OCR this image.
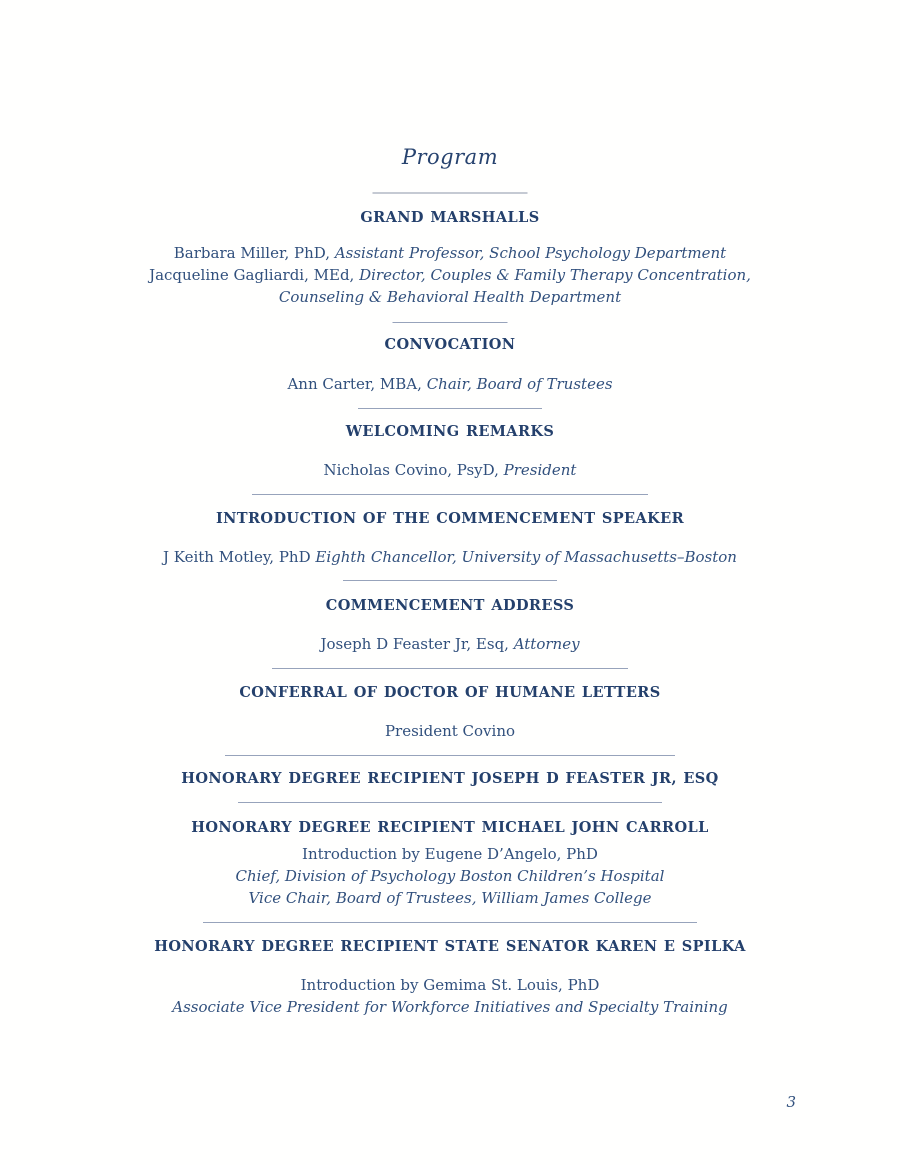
Program
GRAND MARSHALLS
Barbara Miller, PhD, Assistant Professor, School Psychology Department
Jacqueline Gagliardi, MEd, Director, Couples & Family Therapy Concentration,
Counseling & Behavioral Health Department
CONVOCATION
Ann Carter, MBA, Chair, Board of Trustees
WELCOMING REMARKS
Nicholas Covino, PsyD, President
INTRODUCTION OF THE COMMENCEMENT SPEAKER
J Keith Motley, PhD Eighth Chancellor, University of Massachusetts–Boston
COMMENCEMENT ADDRESS
Joseph D Feaster Jr, Esq, Attorney
CONFERRAL OF DOCTOR OF HUMANE LETTERS
President Covino
HONORARY DEGREE RECIPIENT JOSEPH D FEASTER JR, ESQ
HONORARY DEGREE RECIPIENT MICHAEL JOHN CARROLL
Introduction by Eugene D’Angelo, PhD
Chief, Division of Psychology Boston Children’s Hospital
Vice Chair, Board of Trustees, William James College
HONORARY DEGREE RECIPIENT STATE SENATOR KAREN E SPILKA
Introduction by Gemima St. Louis, PhD
Associate Vice President for Workforce Initiatives and Specialty Training
3
